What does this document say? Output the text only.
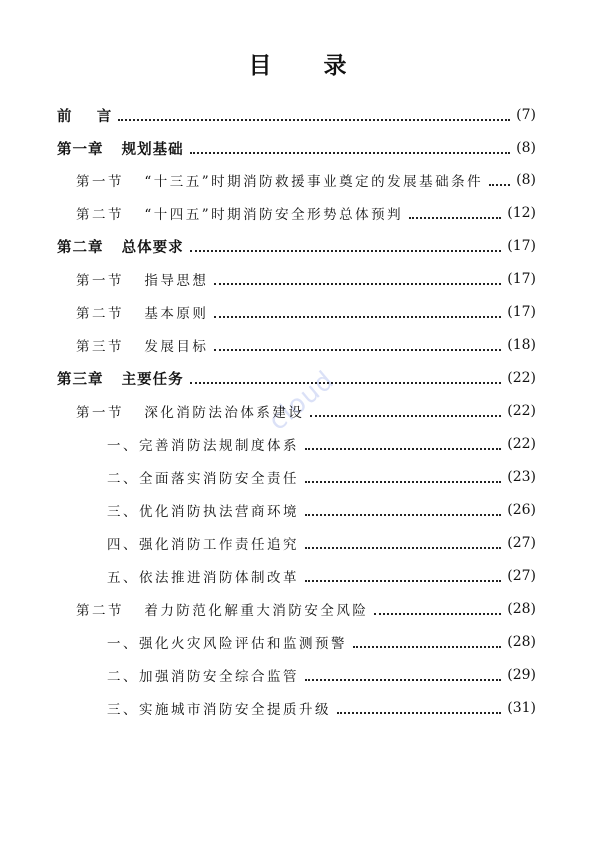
目 录
cloud
前    言	(7)
第一章   规划基础	(8)
第一节   “十三五”时期消防救援事业奠定的发展基础条件 (8)
第二节   “十四五”时期消防安全形势总体预判	(12)
第二章   总体要求	(17)
第一节   指导思想	(17)
第二节   基本原则	(17)
第三节   发展目标	(18)
第三章   主要任务	(22)
第一节   深化消防法治体系建设	(22)
一、完善消防法规制度体系	(22)
二、全面落实消防安全责任	(23)
三、优化消防执法营商环境	(26)
四、强化消防工作责任追究	(27)
五、依法推进消防体制改革	(27)
第二节   着力防范化解重大消防安全风险	(28)
一、强化火灾风险评估和监测预警	(28)
二、加强消防安全综合监管	(29)
三、实施城市消防安全提质升级	(31)
